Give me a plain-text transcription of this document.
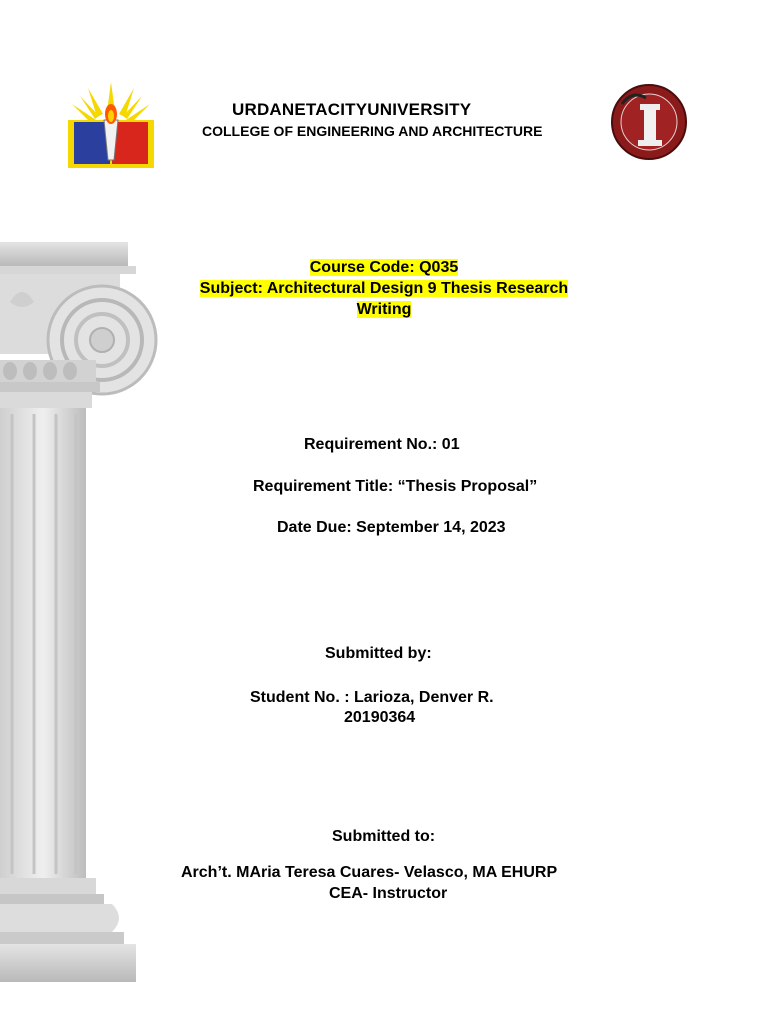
URDANETACITYUNIVERSITY
COLLEGE OF ENGINEERING AND ARCHITECTURE
Course Code: Q035
Subject: Architectural Design 9 Thesis Research
Writing
Requirement No.: 01
Requirement Title: “Thesis Proposal”
Date Due: September 14, 2023
Submitted by:
Student No. : Larioza, Denver R.
20190364
Submitted to:
Arch’t. MAria Teresa Cuares- Velasco, MA EHURP
CEA- Instructor
